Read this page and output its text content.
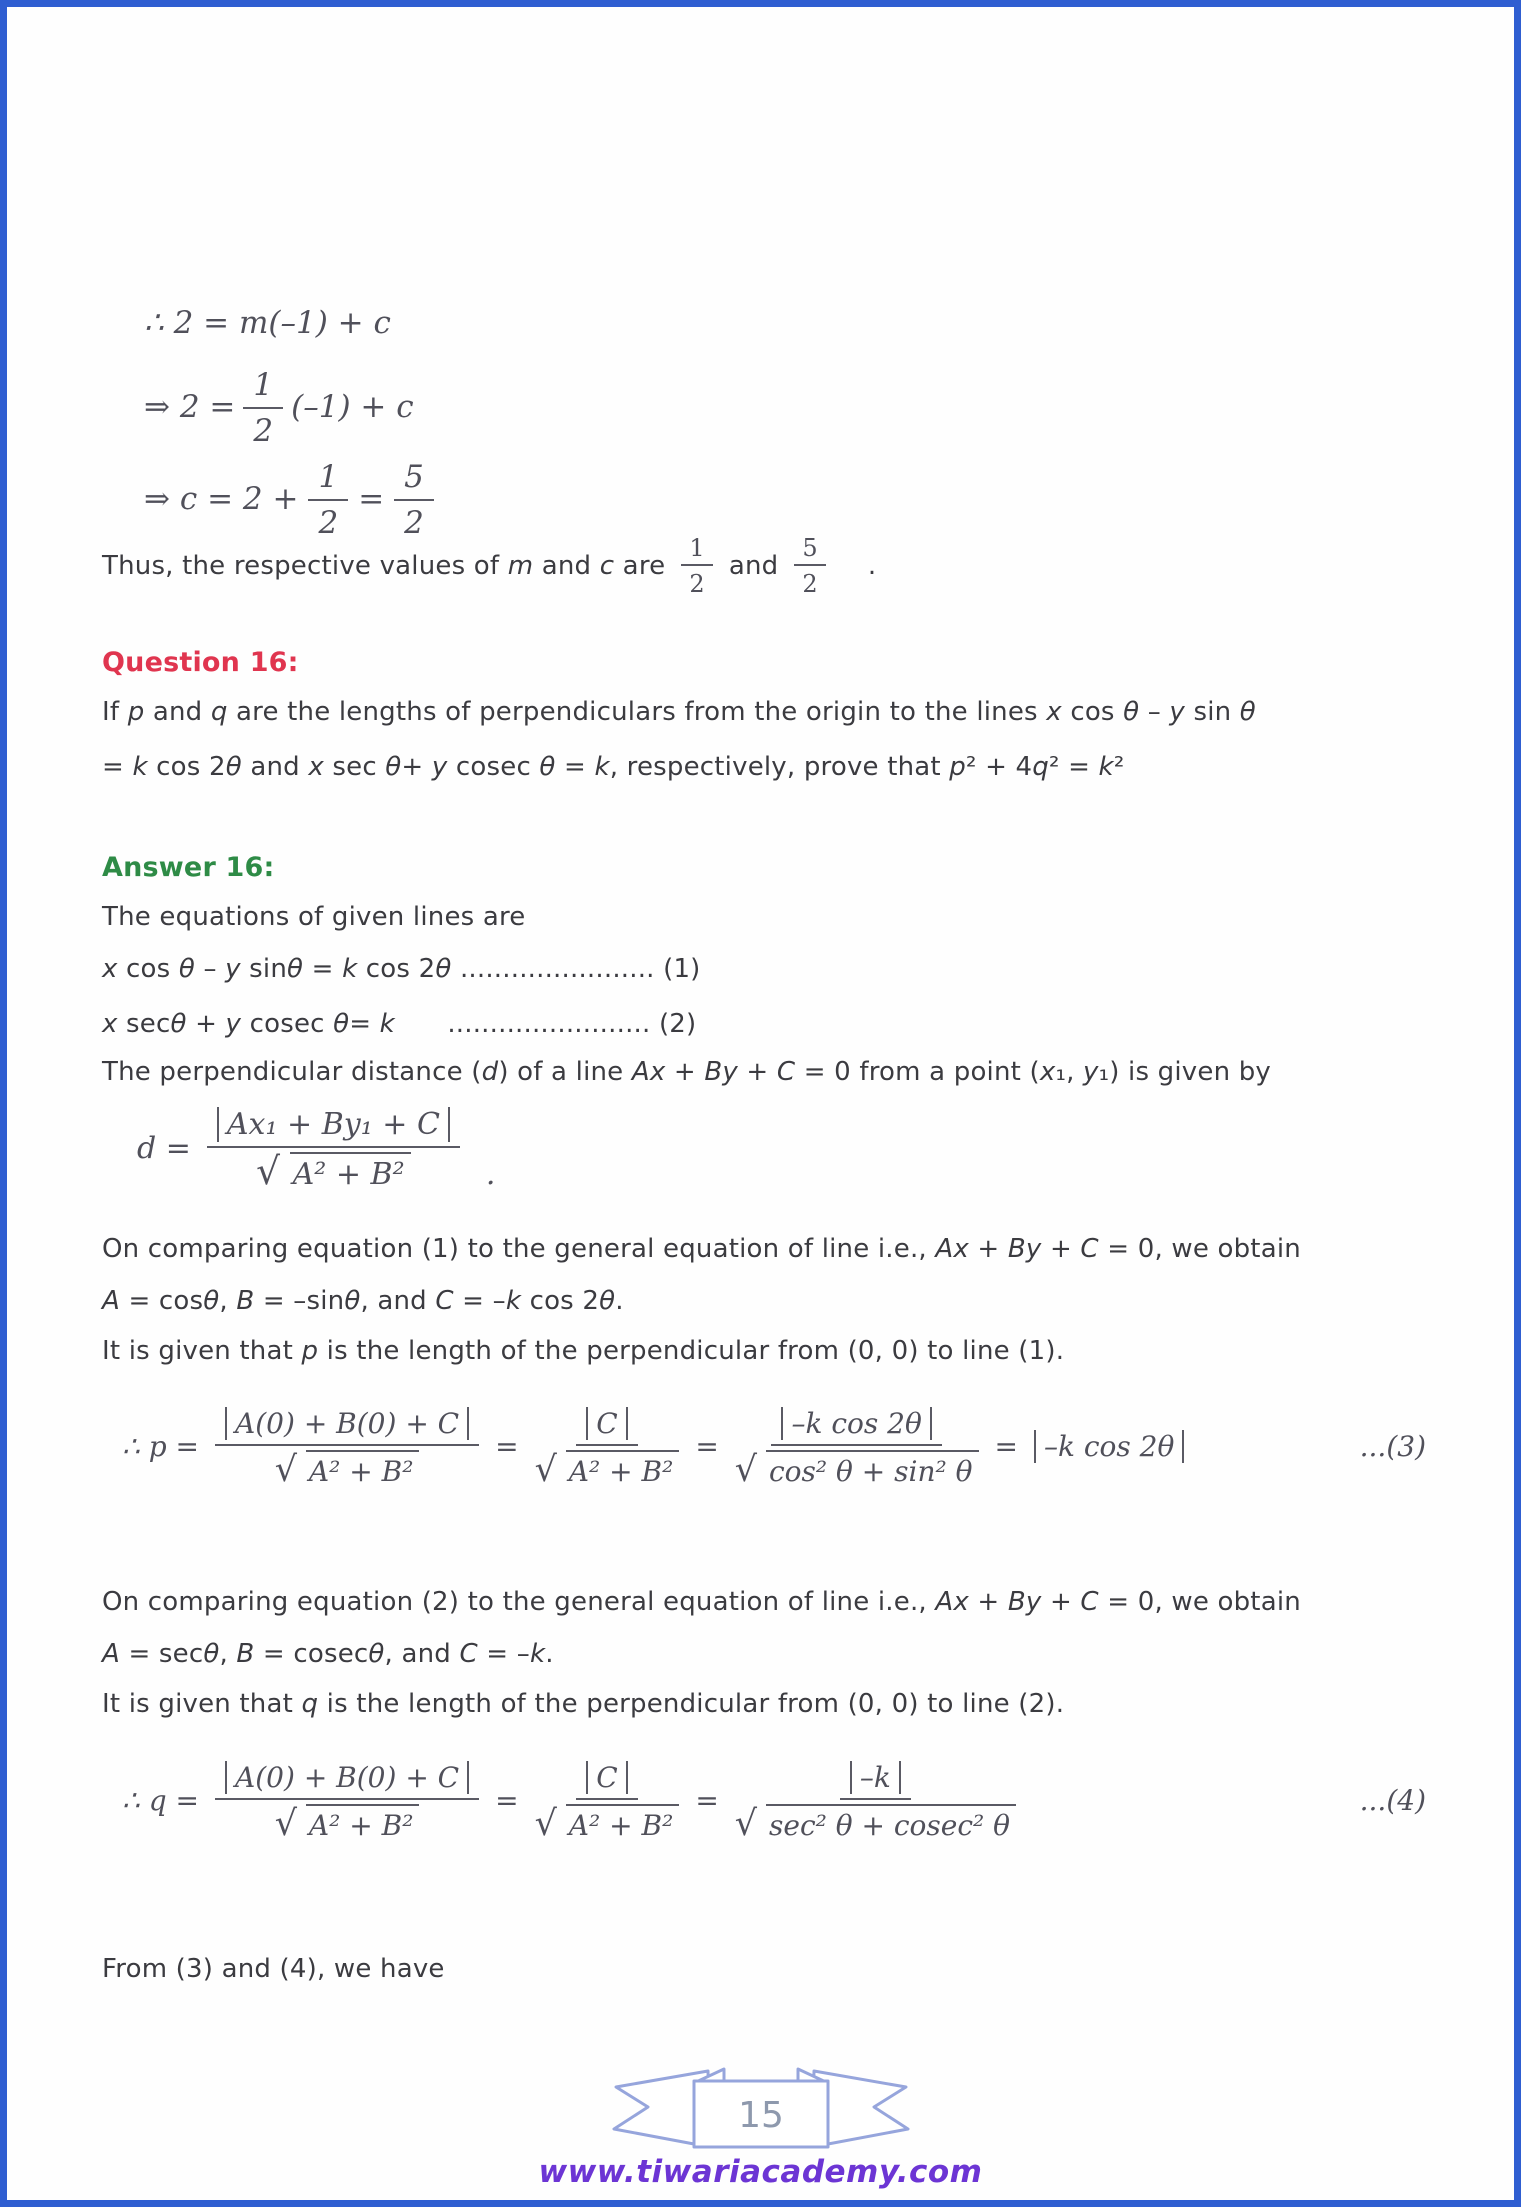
∴ 2 = m(–1) + c
⇒ $2 = \frac{1}{2} (-1) + c$
⇒ $c = 2 + \frac{1}{2} = \frac{5}{2}$
Thus, the respective values of m and c are $\frac{1}{2}$ and $\frac{5}{2}$ .
Question 16:
If p and q are the lengths of perpendiculars from the origin to the lines x cos θ – y sin θ
= k cos 2θ and x sec θ+ y cosec θ = k, respectively, prove that p² + 4q² = k²
Answer 16:
The equations of given lines are
x cos θ – y sinθ = k cos 2θ ....................... (1)
x secθ + y cosec θ= k  ........................ (2)
The perpendicular distance (d) of a line Ax + By + C = 0 from a point (x₁, y₁) is given by
$d = \frac{\text{Ax₁ + By₁ + C}}{\text{√ A² + B²}}$ .
On comparing equation (1) to the general equation of line i.e., Ax + By + C = 0, we obtain
A = cosθ, B = –sinθ, and C = –k cos 2θ.
It is given that p is the length of the perpendicular from (0, 0) to line (1).
∴ $p = \frac{A(0) + B(0) + C}{\text{√ A² + B²}} = \frac{C}{\text{√ A² + B²}} = \frac{\text{–k cos 2θ}}{\text{√ cos² θ + sin² θ}} = -k$ cos 2θ	...(3)
On comparing equation (2) to the general equation of line i.e., Ax + By + C = 0, we obtain
A = secθ, B = cosecθ, and C = –k.
It is given that q is the length of the perpendicular from (0, 0) to line (2).
∴ $q = \frac{A(0) + B(0) + C}{\text{√ A² + B²}} = \frac{C}{\text{√ A² + B²}} = \frac{-k}{\text{√ sec² θ + cosec² θ}}$	...(4)
From (3) and (4), we have
15
www.tiwariacademy.com
